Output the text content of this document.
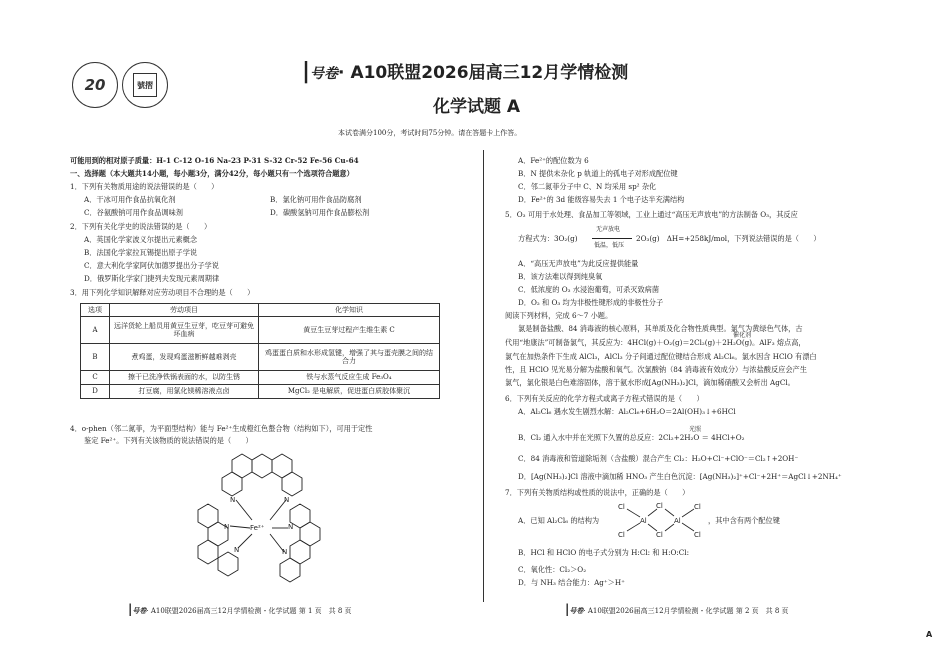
20	號摺
|号卷· A10联盟2026届高三12月学情检测
化学试题 A
本试卷满分100分，考试时间75分钟。请在答题卡上作答。
可能用到的相对原子质量：H-1 C-12 O-16 Na-23 P-31 S-32 Cr-52 Fe-56 Cu-64
一、选择题（本大题共14小题，每小题3分，满分42分，每小题只有一个选项符合题意）
1．下列有关物质用途的说法错误的是（　　）
A．干冰可用作食品抗氧化剂	B．氯化钠可用作食品防腐剂
C．谷氨酸钠可用作食品调味剂	D．碳酸氢钠可用作食品膨松剂
2．下列有关化学史的说法错误的是（　　）
A．英国化学家波义尔提出元素概念
B．法国化学家拉瓦锡提出原子学说
C．意大利化学家阿伏加德罗提出分子学说
D．俄罗斯化学家门捷列夫发现元素周期律
3．用下列化学知识解释对应劳动项目不合理的是（　　）
选项	劳动项目	化学知识
A	远洋货轮上船员用黄豆生豆芽，吃豆芽可避免坏血病	黄豆生豆芽过程产生维生素 C
B	煮鸡蛋，发现鸡蛋滋断鲜越难剥壳	鸡蛋蛋白质和水形成氢键，增强了其与蛋壳膜之间的结合力
C	擦干已洗净铁锅表面的水，以防生锈	铁与水蒸气反应生成 Fe₃O₄
D	打豆腐，用氯化镁稀溶液点卤	MgCl₂ 是电解质，促进蛋白质胶体聚沉
4．o-phen（邻二氮菲，为平面型结构）能与 Fe²⁺生成橙红色螯合物（结构如下），可用于定性
鉴定 Fe²⁺。下列有关该物质的说法错误的是（　　）
N	N
N
N
N
N
Fe²⁺
|号卷· A10联盟2026届高三12月学情检测・化学试题 第 1 页　共 8 页
A．Fe²⁺的配位数为 6
B．N 提供未杂化 p 轨道上的孤电子对形成配位键
C．邻二氮菲分子中 C、N 均采用 sp² 杂化
D．Fe²⁺的 3d 能级容易失去 1 个电子达半充满结构
5．O₃ 可用于水处理、食品加工等领域，工业上通过“高压无声放电”的方法制备 O₃，其反应
方程式为：3O₂(g)
无声放电
低温，低压
2O₃(g)　ΔH=+258kJ/mol，下列说法错误的是（　　）
A．“高压无声放电”为此反应提供能量
B．该方法难以得到纯臭氧
C．低浓度的 O₃ 水浸泡葡萄，可杀灭致病菌
D．O₂ 和 O₃ 均为非极性键形成的非极性分子
阅读下列材料，完成 6～7 小题。
氯是制备盐酸、84 消毒液的核心原料，其单质及化合物性质典型。氯气为黄绿色气体，古
催化剂
代用“地康法”可制备氯气，其反应为：4HCl(g)＋O₂(g)＝2Cl₂(g)＋2H₂O(g)。AlF₃ 熔点高，
氯气在加热条件下生成 AlCl₃，AlCl₃ 分子间通过配位键结合形成 Al₂Cl₆。氯水因含 HClO 有漂白
性，且 HClO 见光易分解为盐酸和氧气。次氯酸钠（84 消毒液有效成分）与浓盐酸反应会产生
氯气，氯化银是白色难溶固体，溶于氨水形成[Ag(NH₃)₂]Cl，滴加稀硝酸又会析出 AgCl。
6．下列有关反应的化学方程式或离子方程式错误的是（　　）
A．Al₂Cl₆ 遇水发生剧烈水解：Al₂Cl₆+6H₂O＝2Al(OH)₃↓+6HCl
光照
B．Cl₂ 通入水中并在光照下久置的总反应：2Cl₂+2H₂O ＝ 4HCl+O₂
C．84 消毒液和管道除垢剂（含盐酸）混合产生 Cl₂：H₂O+Cl⁻+ClO⁻＝Cl₂↑+2OH⁻
D．[Ag(NH₃)₂]Cl 溶液中滴加稀 HNO₃ 产生白色沉淀：[Ag(NH₃)₂]⁺+Cl⁻+2H⁺＝AgCl↓+2NH₄⁺
7．下列有关物质结构或性质的说法中，正确的是（　　）
A．已知 Al₂Cl₆ 的结构为
Cl
Cl
Al
Cl
Cl
Al
Cl
Cl
，其中含有两个配位键
B．HCl 和 HClO 的电子式分别为 H:Cl: 和 H:O:Cl:
C．氧化性：Cl₂＞O₂
D．与 NH₃ 结合能力：Ag⁺＞H⁺
|号卷· A10联盟2026届高三12月学情检测・化学试题 第 2 页　共 8 页
A
